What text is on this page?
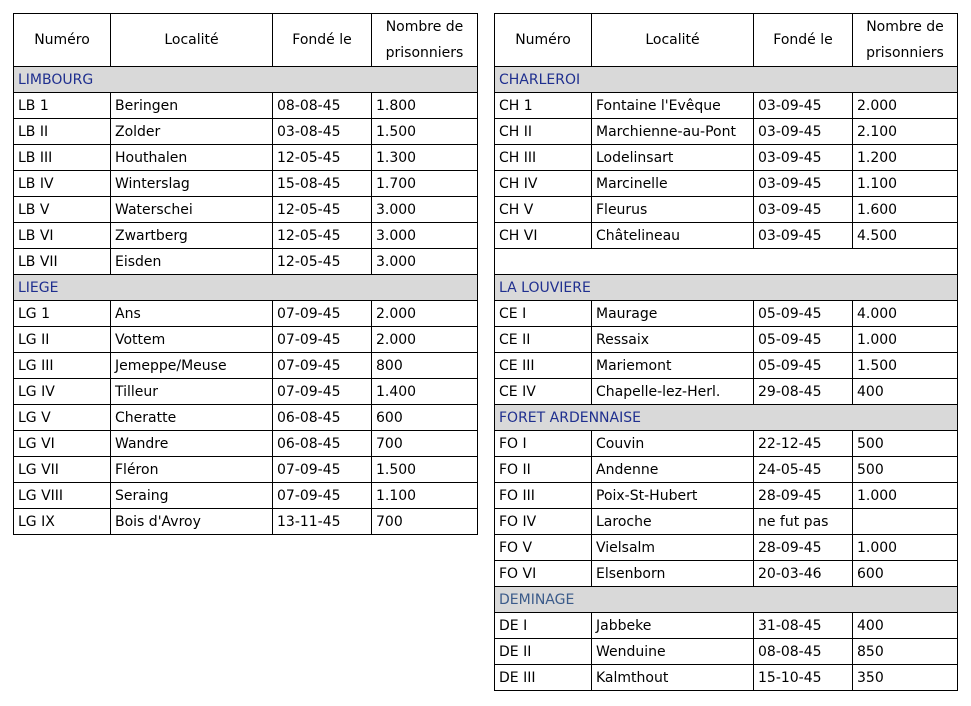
Numéro	Localité	Fondé le	Nombre de prisonniers
LIMBOURG			
LB 1	Beringen	08-08-45	1.800
LB II	Zolder	03-08-45	1.500
LB III	Houthalen	12-05-45	1.300
LB IV	Winterslag	15-08-45	1.700
LB V	Waterschei	12-05-45	3.000
LB VI	Zwartberg	12-05-45	3.000
LB VII	Eisden	12-05-45	3.000
LIEGE			
LG 1	Ans	07-09-45	2.000
LG II	Vottem	07-09-45	2.000
LG III	Jemeppe/Meuse	07-09-45	800
LG IV	Tilleur	07-09-45	1.400
LG V	Cheratte	06-08-45	600
LG VI	Wandre	06-08-45	700
LG VII	Fléron	07-09-45	1.500
LG VIII	Seraing	07-09-45	1.100
LG IX	Bois d'Avroy	13-11-45	700
Numéro	Localité	Fondé le	Nombre de prisonniers
CHARLEROI			
CH 1	Fontaine l'Evêque	03-09-45	2.000
CH II	Marchienne-au-Pont	03-09-45	2.100
CH III	Lodelinsart	03-09-45	1.200
CH IV	Marcinelle	03-09-45	1.100
CH V	Fleurus	03-09-45	1.600
CH VI	Châtelineau	03-09-45	4.500

LA LOUVIERE			
CE I	Maurage	05-09-45	4.000
CE II	Ressaix	05-09-45	1.000
CE III	Mariemont	05-09-45	1.500
CE IV	Chapelle-lez-Herl.	29-08-45	400
FORET ARDENNAISE			
FO I	Couvin	22-12-45	500
FO II	Andenne	24-05-45	500
FO III	Poix-St-Hubert	28-09-45	1.000
FO IV	Laroche	ne fut pas	
FO V	Vielsalm	28-09-45	1.000
FO VI	Elsenborn	20-03-46	600
DEMINAGE			
DE I	Jabbeke	31-08-45	400
DE II	Wenduine	08-08-45	850
DE III	Kalmthout	15-10-45	350
